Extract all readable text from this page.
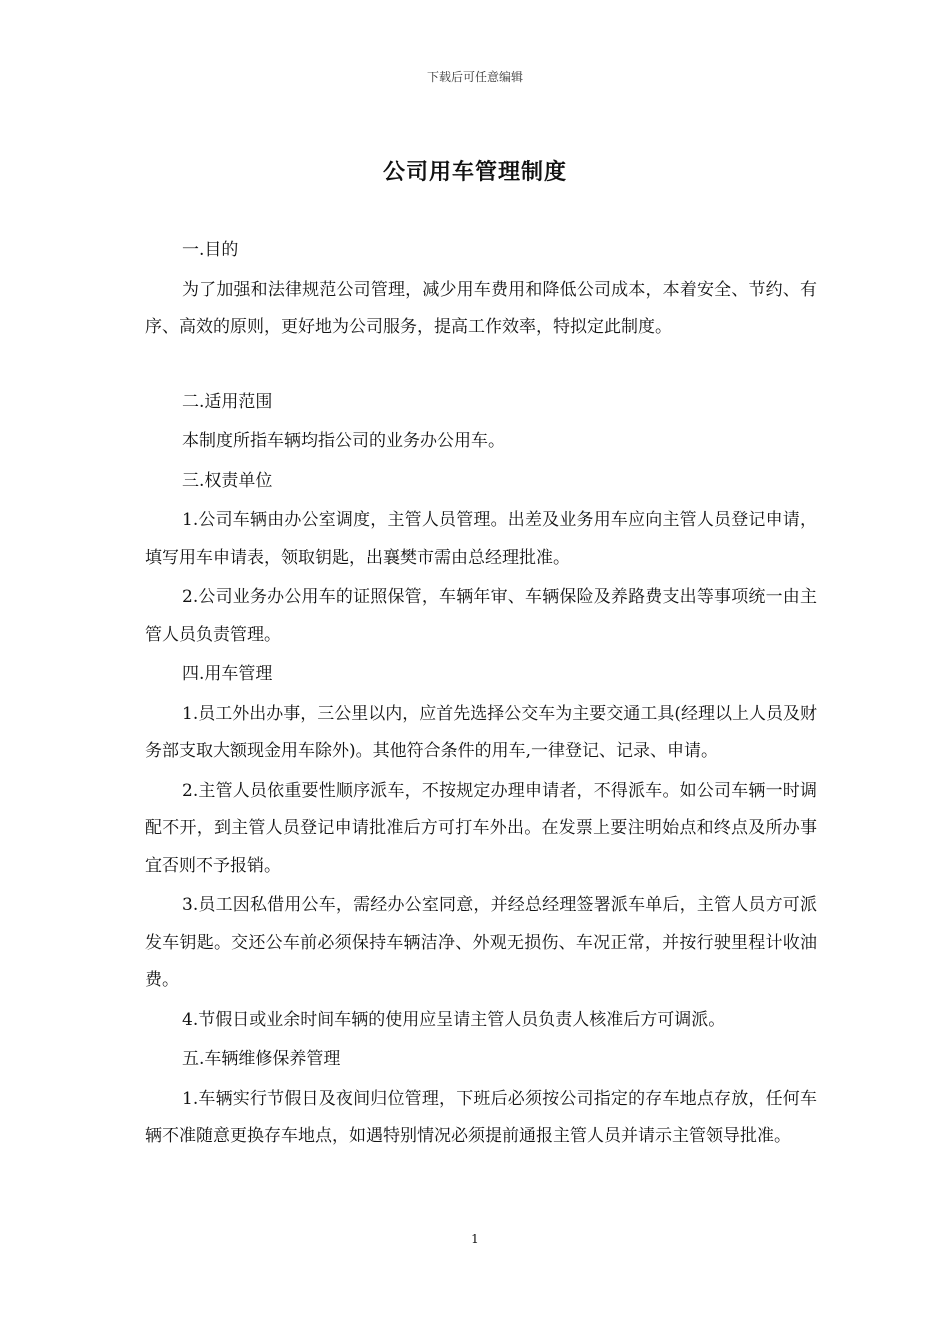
下载后可任意编辑
公司用车管理制度

一.目的

为了加强和法律规范公司管理，减少用车费用和降低公司成本，本着安全、节约、有序、高效的原则，更好地为公司服务，提高工作效率，特拟定此制度。

二.适用范围

本制度所指车辆均指公司的业务办公用车。

三.权责单位

1.公司车辆由办公室调度，主管人员管理。出差及业务用车应向主管人员登记申请，填写用车申请表，领取钥匙，出襄樊市需由总经理批准。

2.公司业务办公用车的证照保管，车辆年审、车辆保险及养路费支出等事项统一由主管人员负责管理。

四.用车管理

1.员工外出办事，三公里以内，应首先选择公交车为主要交通工具(经理以上人员及财务部支取大额现金用车除外)。其他符合条件的用车,一律登记、记录、申请。

2.主管人员依重要性顺序派车，不按规定办理申请者，不得派车。如公司车辆一时调配不开，到主管人员登记申请批准后方可打车外出。在发票上要注明始点和终点及所办事宜否则不予报销。

3.员工因私借用公车，需经办公室同意，并经总经理签署派车单后，主管人员方可派发车钥匙。交还公车前必须保持车辆洁净、外观无损伤、车况正常，并按行驶里程计收油费。

4.节假日或业余时间车辆的使用应呈请主管人员负责人核准后方可调派。

五.车辆维修保养管理

1.车辆实行节假日及夜间归位管理，下班后必须按公司指定的存车地点存放，任何车辆不准随意更换存车地点，如遇特别情况必须提前通报主管人员并请示主管领导批准。

1
